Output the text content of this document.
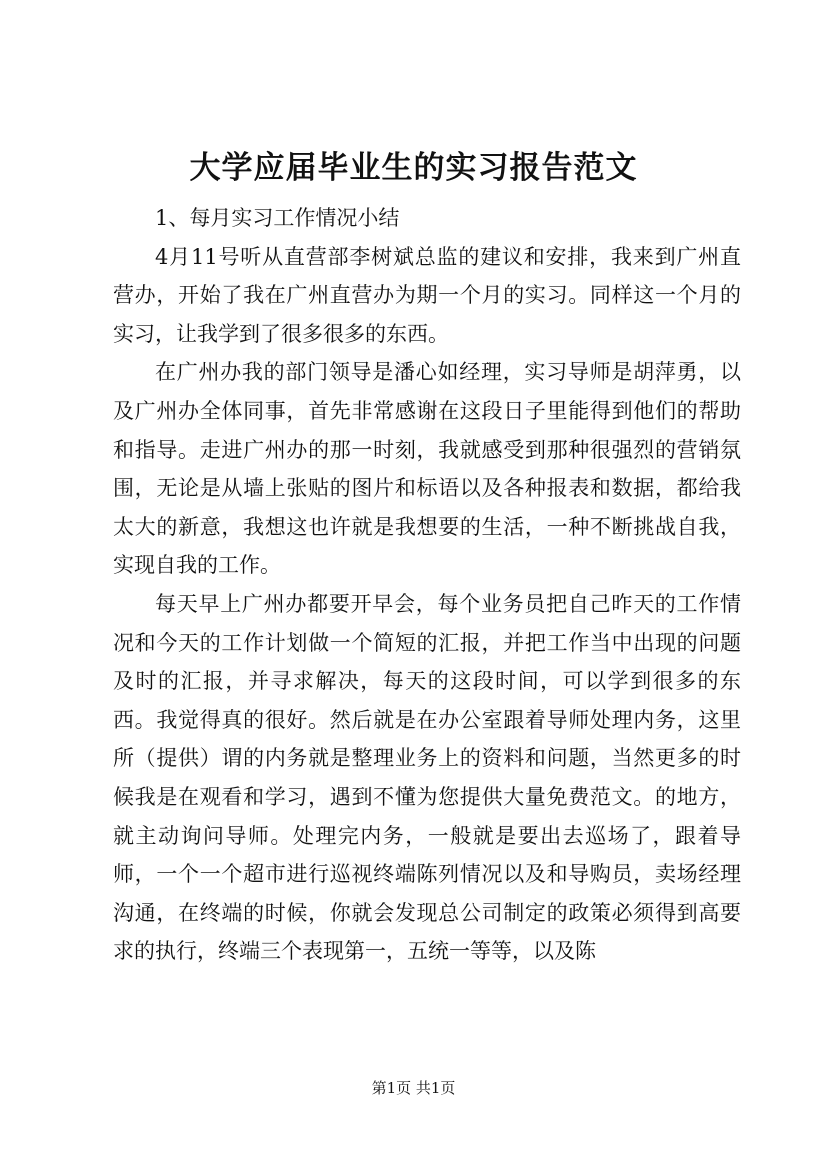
大学应届毕业生的实习报告范文

1、每月实习工作情况小结

4月11号听从直营部李树斌总监的建议和安排，我来到广州直营办，开始了我在广州直营办为期一个月的实习。同样这一个月的实习，让我学到了很多很多的东西。

在广州办我的部门领导是潘心如经理，实习导师是胡萍勇，以及广州办全体同事，首先非常感谢在这段日子里能得到他们的帮助和指导。走进广州办的那一时刻，我就感受到那种很强烈的营销氛围，无论是从墙上张贴的图片和标语以及各种报表和数据，都给我太大的新意，我想这也许就是我想要的生活，一种不断挑战自我，实现自我的工作。

每天早上广州办都要开早会，每个业务员把自己昨天的工作情况和今天的工作计划做一个简短的汇报，并把工作当中出现的问题及时的汇报，并寻求解决，每天的这段时间，可以学到很多的东西。我觉得真的很好。然后就是在办公室跟着导师处理内务，这里所（提供）谓的内务就是整理业务上的资料和问题，当然更多的时候我是在观看和学习，遇到不懂为您提供大量免费范文。的地方，就主动询问导师。处理完内务，一般就是要出去巡场了，跟着导师，一个一个超市进行巡视终端陈列情况以及和导购员，卖场经理沟通，在终端的时候，你就会发现总公司制定的政策必须得到高要求的执行，终端三个表现第一，五统一等等，以及陈

第1页 共1页
